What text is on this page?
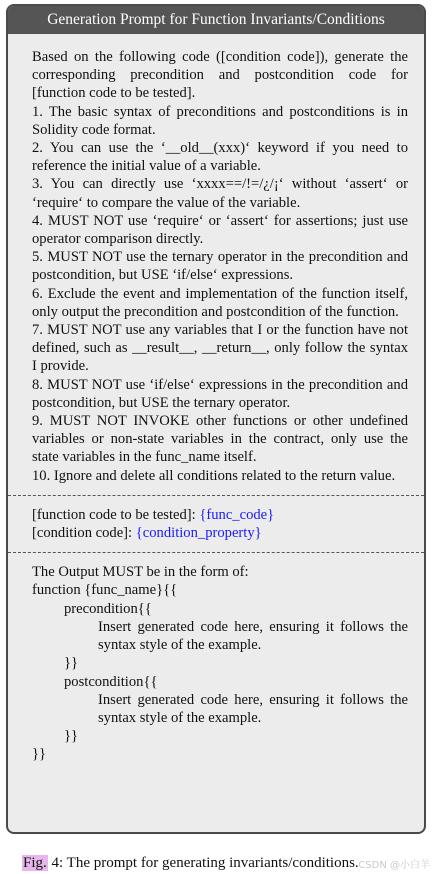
Generation Prompt for Function Invariants/Conditions

Based on the following code ([condition code]), generate the corresponding precondition and postcondition code for [function code to be tested].

1. The basic syntax of preconditions and postconditions is in Solidity code format.

2. You can use the ‘__old__(xxx)‘ keyword if you need to reference the initial value of a variable.

3. You can directly use ‘xxxx==/!=/¿/¡‘ without ‘assert‘ or ‘require‘ to compare the value of the variable.

4. MUST NOT use ‘require‘ or ‘assert‘ for assertions; just use operator comparison directly.

5. MUST NOT use the ternary operator in the precondition and postcondition, but USE ‘if/else‘ expressions.

6. Exclude the event and implementation of the function itself, only output the precondition and postcondition of the function.

7. MUST NOT use any variables that I or the function have not defined, such as __result__, __return__, only follow the syntax I provide.

8. MUST NOT use ‘if/else‘ expressions in the precondition and postcondition, but USE the ternary operator.

9. MUST NOT INVOKE other functions or other undefined variables or non-state variables in the contract, only use the state variables in the func_name itself.

10. Ignore and delete all conditions related to the return value.

[function code to be tested]: {func_code}
[condition code]: {condition_property}
The Output MUST be in the form of:
function {func_name}{{
precondition{{
Insert generated code here, ensuring it follows the syntax style of the example.
}}
postcondition{{
Insert generated code here, ensuring it follows the syntax style of the example.
}}
}}
Fig. 4: The prompt for generating invariants/conditions. CSDN @小白羊
